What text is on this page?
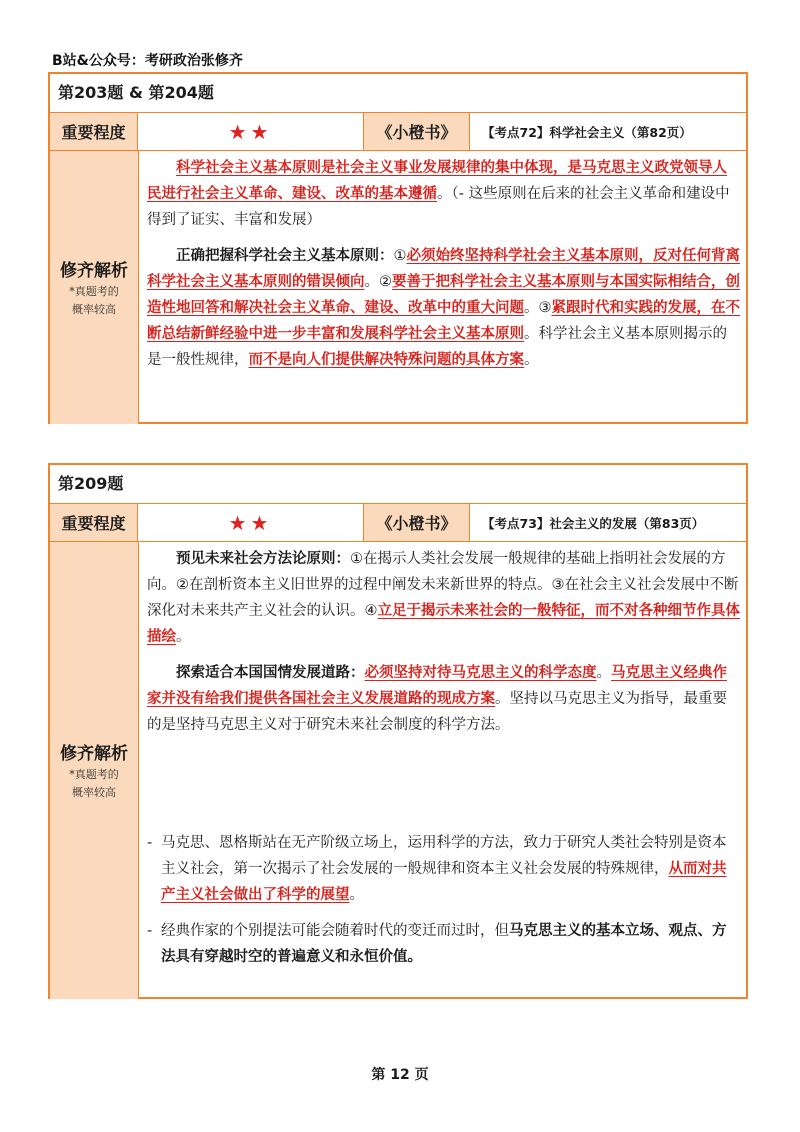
B站&公众号：考研政治张修齐
第203题 & 第204题
重要程度	★★	《小橙书》	【考点72】科学社会主义（第82页）
修齐解析
*真题考的概率较高

科学社会主义基本原则是社会主义事业发展规律的集中体现，是马克思主义政党领导人民进行社会主义革命、建设、改革的基本遵循。（- 这些原则在后来的社会主义革命和建设中得到了证实、丰富和发展）

正确把握科学社会主义基本原则：①必须始终坚持科学社会主义基本原则，反对任何背离科学社会主义基本原则的错误倾向。②要善于把科学社会主义基本原则与本国实际相结合，创造性地回答和解决社会主义革命、建设、改革中的重大问题。③紧跟时代和实践的发展，在不断总结新鲜经验中进一步丰富和发展科学社会主义基本原则。科学社会主义基本原则揭示的是一般性规律，而不是向人们提供解决特殊问题的具体方案。

第209题
重要程度	★★	《小橙书》	【考点73】社会主义的发展（第83页）
修齐解析
*真题考的概率较高

预见未来社会方法论原则：①在揭示人类社会发展一般规律的基础上指明社会发展的方向。②在剖析资本主义旧世界的过程中阐发未来新世界的特点。③在社会主义社会发展中不断深化对未来共产主义社会的认识。④立足于揭示未来社会的一般特征，而不对各种细节作具体描绘。

探索适合本国国情发展道路：必须坚持对待马克思主义的科学态度。马克思主义经典作家并没有给我们提供各国社会主义发展道路的现成方案。坚持以马克思主义为指导，最重要的是坚持马克思主义对于研究未来社会制度的科学方法。

- 马克思、恩格斯站在无产阶级立场上，运用科学的方法，致力于研究人类社会特别是资本主义社会，第一次揭示了社会发展的一般规律和资本主义社会发展的特殊规律，从而对共产主义社会做出了科学的展望。
- 经典作家的个别提法可能会随着时代的变迁而过时，但马克思主义的基本立场、观点、方法具有穿越时空的普遍意义和永恒价值。
第 12 页
